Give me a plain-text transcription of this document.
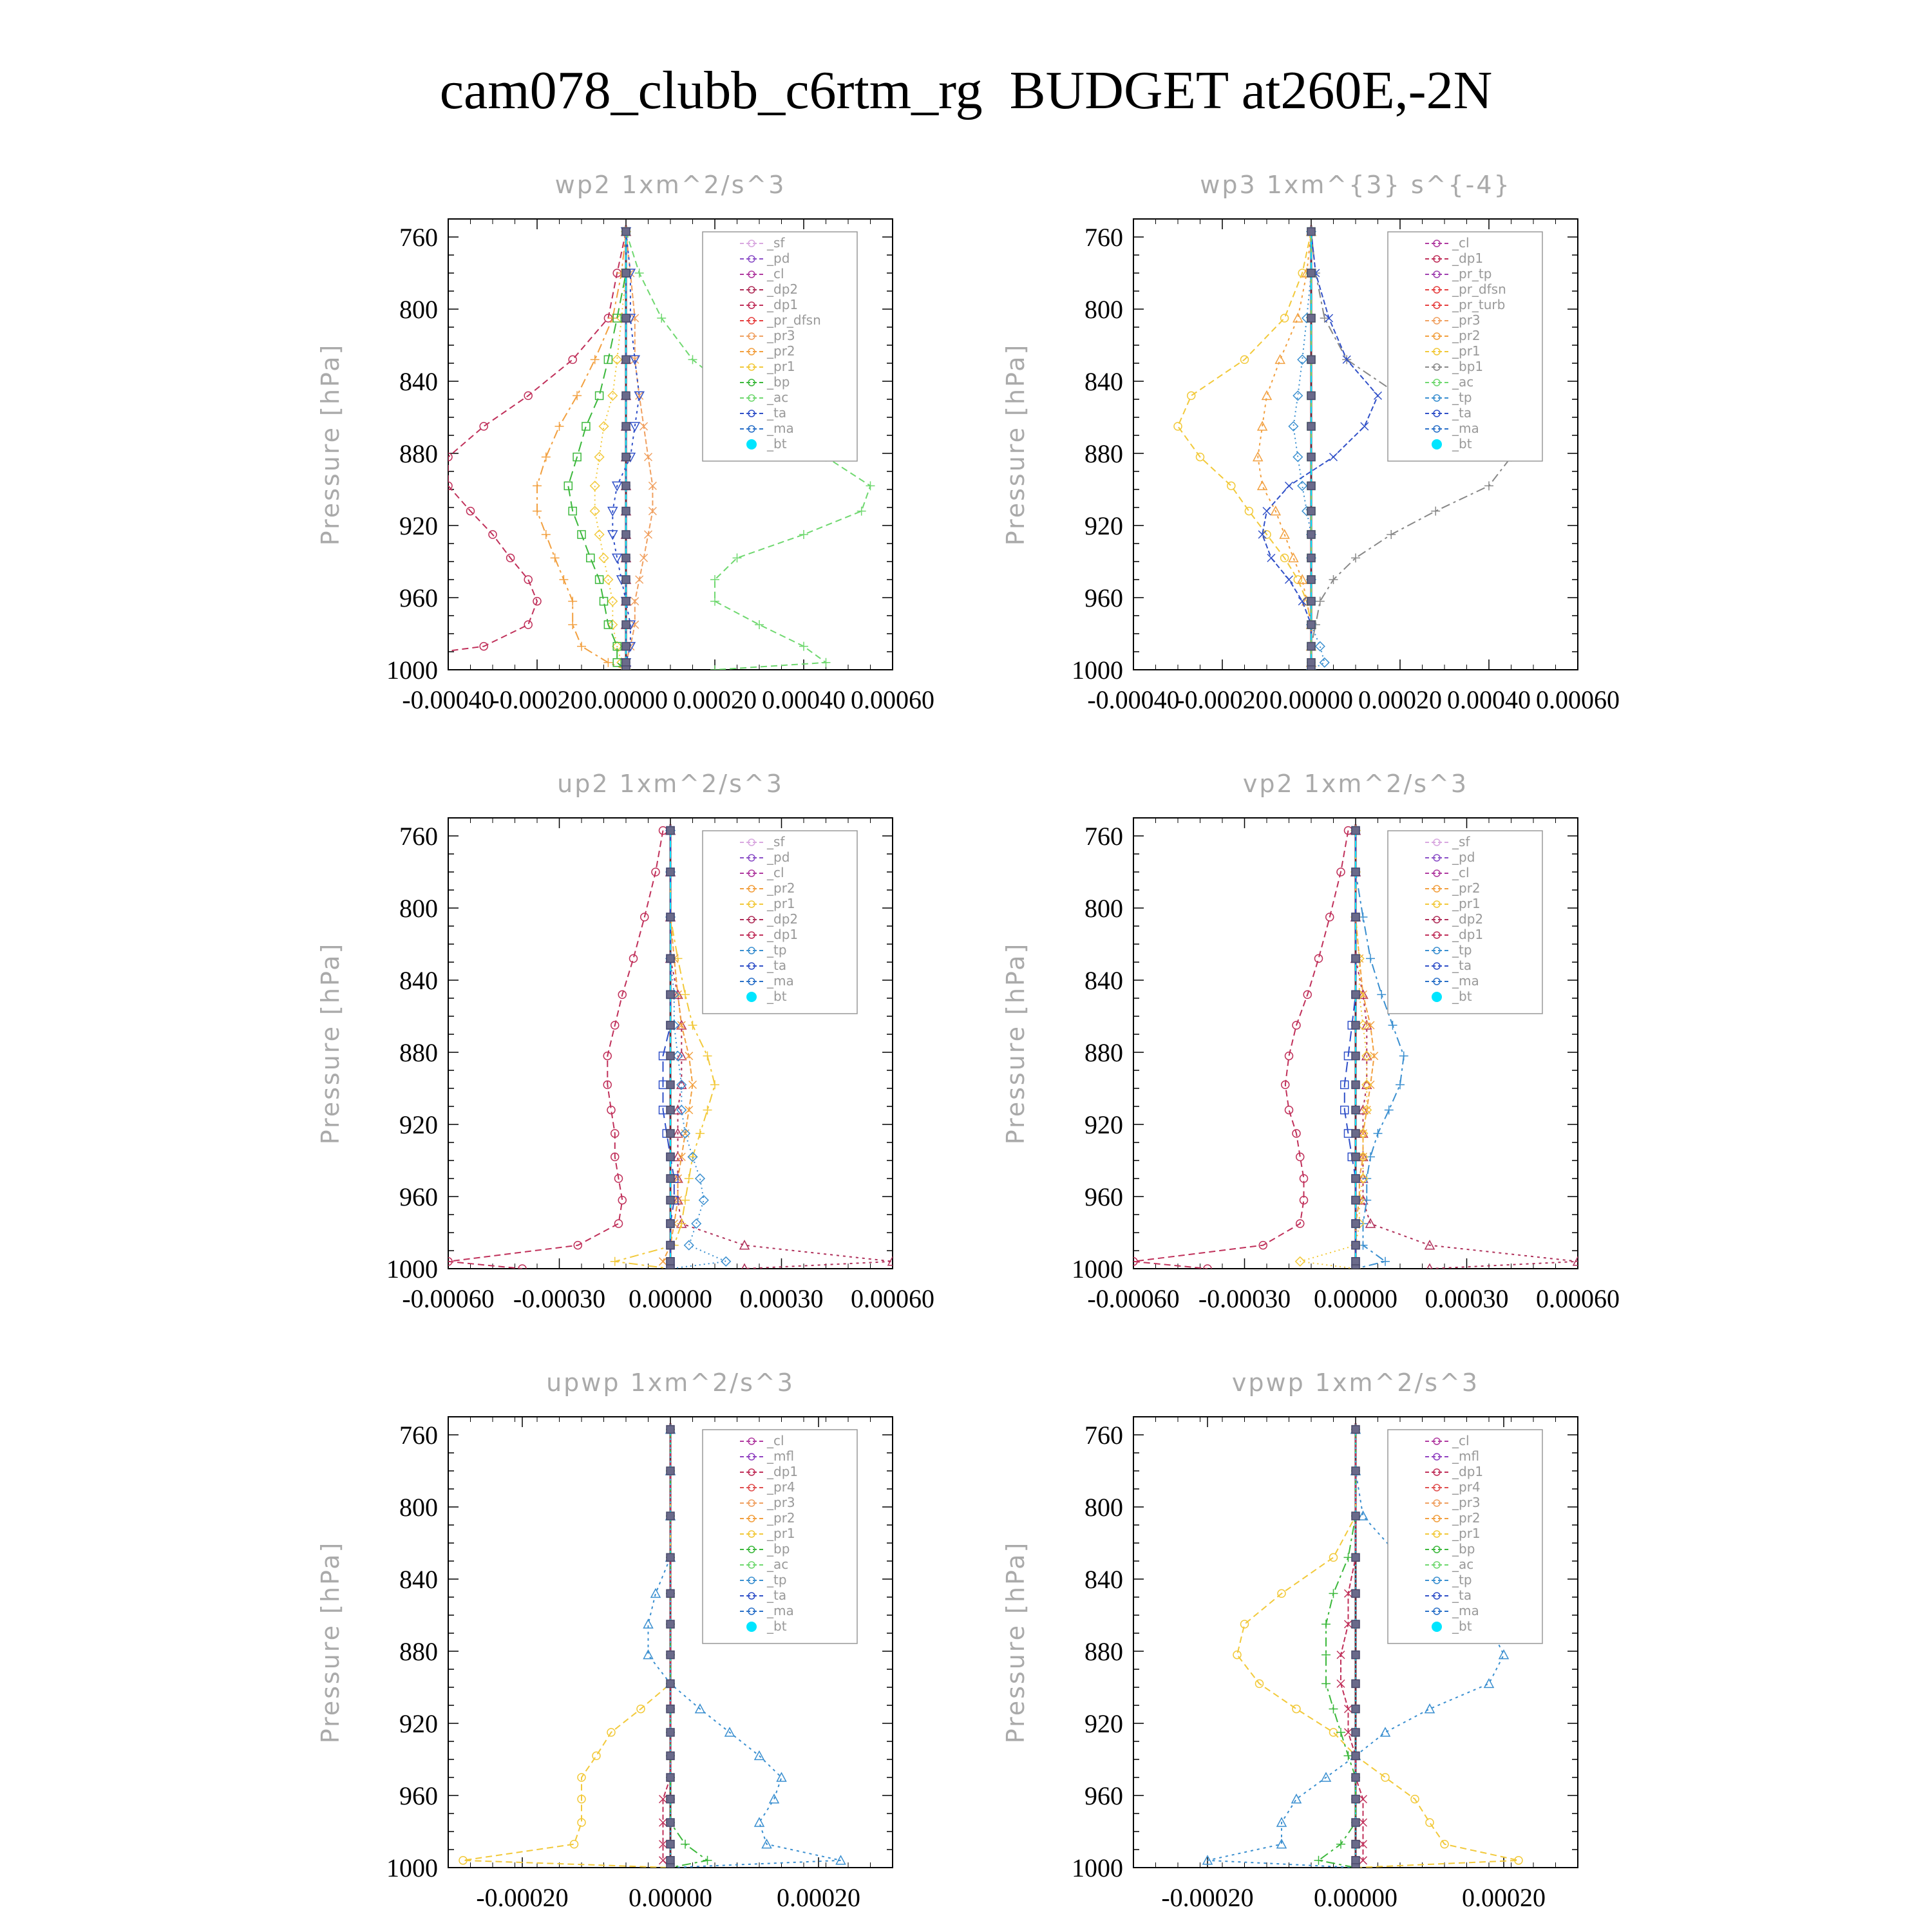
cam078_clubb_c6rtm_rg  BUDGET at260E,-2N
wp2 1xm^2/s^3
Pressure [hPa]
760
800
840
880
920
960
1000
-0.00040
-0.00020 0.00000 0.00020 0.00040 0.00060
_sf
_pd
_cl
_dp2
_dp1
_pr_dfsn
_pr3
_pr2
_pr1
_bp
_ac
_ta
_ma
_bt
wp3 1xm^{3} s^{-4}
Pressure [hPa]
760
800
840
880
920
960
1000
-0.00040
-0.00020 0.00000 0.00020 0.00040 0.00060
_cl
_dp1
_pr_tp
_pr_dfsn
_pr_turb
_pr3
_pr2
_pr1
_bp1
_ac
_tp
_ta
_ma
_bt
up2 1xm^2/s^3
Pressure [hPa]
760
800
840
880
920
960
1000
-0.00060 -0.00030 0.00000 0.00030 0.00060
_sf
_pd
_cl
_pr2
_pr1
_dp2
_dp1
_tp
_ta
_ma
_bt
vp2 1xm^2/s^3
Pressure [hPa]
760
800
840
880
920
960
1000
-0.00060 -0.00030 0.00000 0.00030 0.00060
_sf
_pd
_cl
_pr2
_pr1
_dp2
_dp1
_tp
_ta
_ma
_bt
upwp 1xm^2/s^3
Pressure [hPa]
760
800
840
880
920
960
1000
-0.00020 0.00000	0.00020
_cl
_mfl
_dp1
_pr4
_pr3
_pr2
_pr1
_bp
_ac
_tp
_ta
_ma
_bt
vpwp 1xm^2/s^3
Pressure [hPa]
760
800
840
880
920
960
1000
-0.00020 0.00000	0.00020
_cl
_mfl
_dp1
_pr4
_pr3
_pr2
_pr1
_bp
_ac
_tp
_ta
_ma
_bt
